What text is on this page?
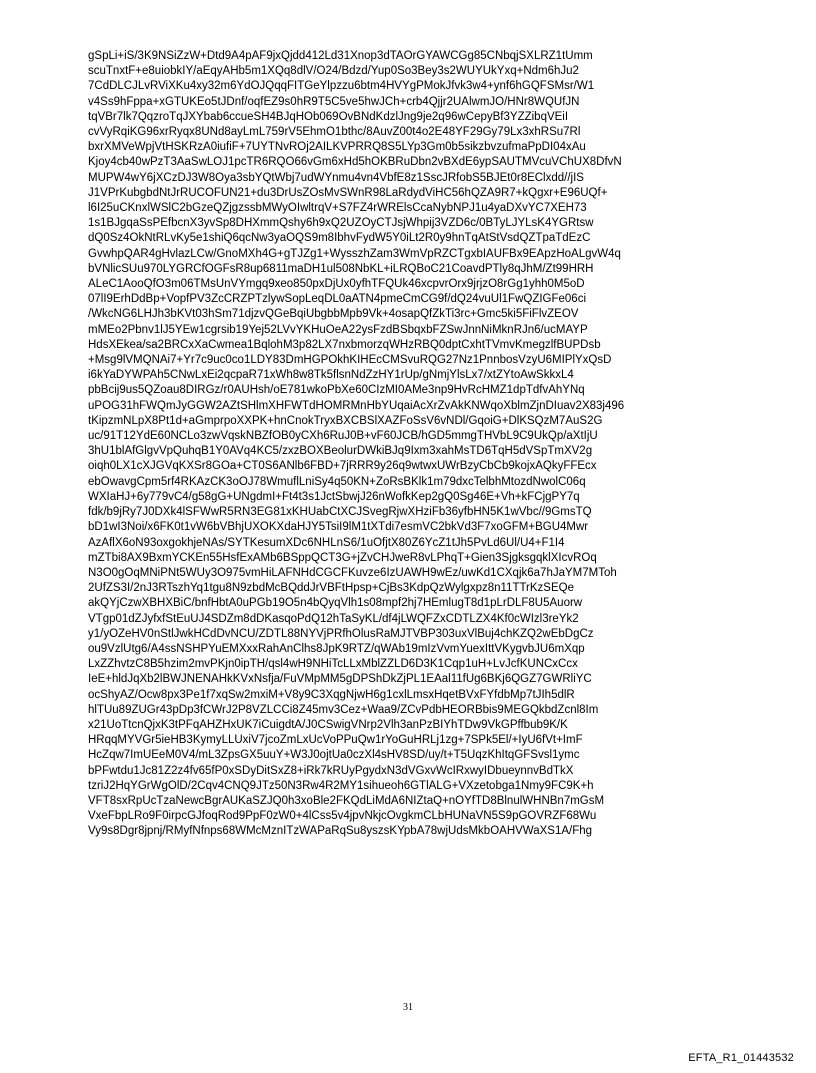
gSpLi+iS/3K9NSiZzW+Dtd9A4pAF9jxQjdd412Ld31Xnop3dTAOrGYAWCGg85CNbqjSXLRZ1tUmm
scuTnxtF+e8uiobkIY/aEqyAHb5m1XQq8dlV/O24/Bdzd/Yup0So3Bey3s2WUYUkYxq+Ndm6hJu2
7CdDLCJLvRViXKu4xy32m6YdOJQqqFITGeYlpzzu6btm4HVYgPMokJfvk3w4+ynf6hGQFSMsr/W1
v4Ss9hFppa+xGTUKEo5tJDnf/oqfEZ9s0hR9T5C5ve5hwJCh+crb4Qjjr2UAlwmJO/HNr8WQUfJN
tqVBr7lk7QqzroTqJXYbab6ccueSH4BJqHOb069OvBNdKdzlJng9je2q96wCepyBf3YZZibqVEiI
cvVyRqiKG96xrRyqx8UNd8ayLmL759rV5EhmO1bthc/8AuvZ00t4o2E48YF29Gy79Lx3xhRSu7Rl
bxrXMVeWpjVtHSKRzA0iufiF+7UYTNvROj2AILKVPRRQ8S5LYp3Gm0b5sikzbvzufmaPpDI04xAu
Kjoy4cb40wPzT3AaSwLOJ1pcTR6RQO66vGm6xHd5hOKBRuDbn2vBXdE6ypSAUTMVcuVChUX8DfvN
MUPW4wY6jXCzDJ3W8Oya3sbYQtWbj7udWYnmu4vn4VbfE8z1SscJRfobS5BJEt0r8EClxdd//jIS
J1VPrKubgbdNtJrRUCOFUN21+du3DrUsZOsMvSWnR98LaRdydViHC56hQZA9R7+kQgxr+E96UQf+
l6I25uCKnxlWSlC2bGzeQZjgzssbMWyOIwltrqV+S7FZ4rWRElsCcaNybNPJ1u4yaDXvYC7XEH73
1s1BJgqaSsPEfbcnX3yvSp8DHXmmQshy6h9xQ2UZOyCTJsjWhpij3VZD6c/0BTyLJYLsK4YGRtsw
dQ0Sz4OkNtRLvKy5e1shiQ6qcNw3yaOQS9m8IbhvFydW5Y0iLt2R0y9hnTqAtStVsdQZTpaTdEzC
GvwhpQAR4gHvlazLCw/GnoMXh4G+gTJZg1+WysszhZam3WmVpRZCTgxbIAUFBx9EApzHoALgvW4q
bVNlicSUu970LYGRCfOGFsR8up6811maDH1ul508NbKL+iLRQBoC21CoavdPTly8qJhM/Zt99HRH
ALeC1AooQfO3m06TMsUnVYmgq9xeo850pxDjUx0yfhTFQUk46xcpvrOrx9jrjzO8rGg1yhh0M5oD
07lI9ErhDdBp+VopfPV3ZcCRZPTzlywSopLeqDL0aATN4pmeCmCG9f/dQ24vuUl1FwQZIGFe06ci
/WkcNG6LHJh3bKVt03hSm71djzvQGeBqiUbgbbMpb9Vk+4osapQfZkTi3rc+Gmc5ki5FiFlvZEOV
mMEo2Pbnv1lJ5YEw1cgrsib19Yej52LVvYKHuOeA22ysFzdBSbqxbFZSwJnnNiMknRJn6/ucMAYP
HdsXEkea/sa2BRCxXaCwmea1BqlohM3p82LX7nxbmorzqWHzRBQ0dptCxhtTVmvKmegzlfBUPDsb
+Msg9lVMQNAi7+Yr7c9uc0co1LDY83DmHGPOkhKIHEcCMSvuRQG27Nz1PnnbosVzyU6MIPlYxQsD
i6kYaDYWPAh5CNwLxEi2qcpaR71xWh8w8Tk5flsnNdZzHY1rUp/gNmjYlsLx7/xtZYtoAwSkkxL4
pbBcij9us5QZoau8DIRGz/r0AUHsh/oE781wkoPbXe60CIzMI0AMe3np9HvRcHMZ1dpTdfvAhYNq
uPOG31hFWQmJyGGW2AZtSHlmXHFWTdHOMRMnHbYUqaiAcXrZvAkKNWqoXblmZjnDIuav2X83j496
tKipzmNLpX8Pt1d+aGmprpoXXPK+hnCnokTryxBXCBSlXAZFoSsV6vNDl/GqoiG+DlKSQzM7AuS2G
uc/91T12YdE60NCLo3zwVqskNBZfOB0yCXh6RuJ0B+vF60JCB/hGD5mmgTHVbL9C9UkQp/aXtIjU
3hU1blAfGlgvVpQuhqB1Y0AVq4KC5/zxzBOXBeolurDWkiBJq9Ixm3xahMsTD6TqH5dVSpTmXV2g
oiqh0LX1cXJGVqKXSr8GOa+CT0S6ANlb6FBD+7jRRR9y26q9wtwxUWrBzyCbCb9kojxAQkyFFEcx
ebOwavgCpm5rf4RKAzCK3oOJ78WmuflLniSy4q50KN+ZoRsBKlk1m79dxcTelbhMtozdNwolC06q
WXIaHJ+6y779vC4/g58gG+UNgdmI+Ft4t3s1JctSbwjJ26nWofkKep2gQ0Sg46E+Vh+kFCjgPY7q
fdk/b9jRy7J0DXk4lSFWwR5RN3EG81xKHUabCtXCJSvegRjwXHziFb36yfbHN5K1wVbc//9GmsTQ
bD1wI3Noi/x6FK0t1vW6bVBhjUXOKXdaHJY5TsiI9lM1tXTdi7esmVC2bkVd3F7xoGFM+BGU4Mwr
AzAflX6oN93oxgokhjeNAs/SYTKesumXDc6NHLnS6/1uOfjtX80Z6YcZ1tJh5PvLd6Ul/U4+F1I4
mZTbi8AX9BxmYCKEn55HsfExAMb6BSppQCT3G+jZvCHJweR8vLPhqT+Gien3SjgksgqklXIcvROq
N3O0gOqMNiPNt5WUy3O975vmHiLAFNHdCGCFKuvze6IzUAWH9wEz/uwKd1CXqjk6a7hJaYM7MToh
2UfZS3I/2nJ3RTszhYq1tgu8N9zbdMcBQddJrVBFtHpsp+CjBs3KdpQzWylgxpz8n11TTrKzSEQe
akQYjCzwXBHXBiC/bnfHbtA0uPGb19O5n4bQyqVlh1s08mpf2hj7HEmlugT8d1pLrDLF8U5Auorw
VTgp01dZJyfxfStEuUJ4SDZm8dDKasqoPdQ12hTaSyKL/df4jLWQFZxCDTLZX4Kf0cWIzl3reYk2
y1/yOZeHV0nStlJwkHCdDvNCU/ZDTL88NYVjPRfhOlusRaMJTVBP303uxVlBuj4chKZQ2wEbDgCz
ou9VzlUtg6/A4ssNSHPYuEMXxxRahAnClhs8JpK9RTZ/qWAb19mIzVvmYuexIttVKygvbJU6mXqp
LxZZhvtzC8B5hzim2mvPKjn0ipTH/qsl4wH9NHiTcLLxMblZZLD6D3K1Cqp1uH+LvJcfKUNCxCcx
IeE+hldJqXb2lBWJNENAHkKVxNsfja/FuVMpMM5gDPShDkZjPL1EAal11fUg6BKj6QGZ7GWRliYC
ocShyAZ/Ocw8px3Pe1f7xqSw2mxiM+V8y9C3XqgNjwH6g1cxlLmsxHqetBVxFYfdbMp7tJIh5dlR
hlTUu89ZUGr43pDp3fCWrJ2P8VZLCCi8Z45mv3Cez+Waa9/ZCvPdbHEORBbis9MEGQkbdZcnl8Im
x21UoTtcnQjxK3tPFqAHZHxUK7iCuigdtA/J0CSwigVNrp2Vlh3anPzBIYhTDw9VkGPffbub9K/K
HRqqMYVGr5ieHB3KymyLLUxiV7jcoZmLxUcVoPPuQw1rYoGuHRLj1zg+7SPk5El/+IyU6fVt+ImF
HcZqw7ImUEeM0V4/mL3ZpsGX5uuY+W3J0ojtUa0czXl4sHV8SD/uy/t+T5UqzKhItqGFSvsl1ymc
bPFwtdu1Jc81Z2z4fv65fP0xSDyDitSxZ8+iRk7kRUyPgydxN3dVGxvWcIRxwyIDbueynnvBdTkX
tzriJ2HqYGrWgOlD/2Cqv4CNQ9JTz50N3Rw4R2MY1sihueoh6GTlALG+VXzetobga1Nmy9FC9K+h
VFT8sxRpUcTzaNewcBgrAUKaSZJQ0h3xoBle2FKQdLiMdA6NIZtaQ+nOYfTD8BlnulWHNBn7mGsM
VxeFbpLRo9F0irpcGJfoqRod9PpF0zW0+4lCss5v4jpvNkjcOvgkmCLbHUNaVN5S9pGOVRZF68Wu
Vy9s8Dgr8jpnj/RMyfNfnps68WMcMznITzWAPaRqSu8yszsKYpbA78wjUdsMkbOAHVWaXS1A/Fhg
31
EFTA_R1_01443532
